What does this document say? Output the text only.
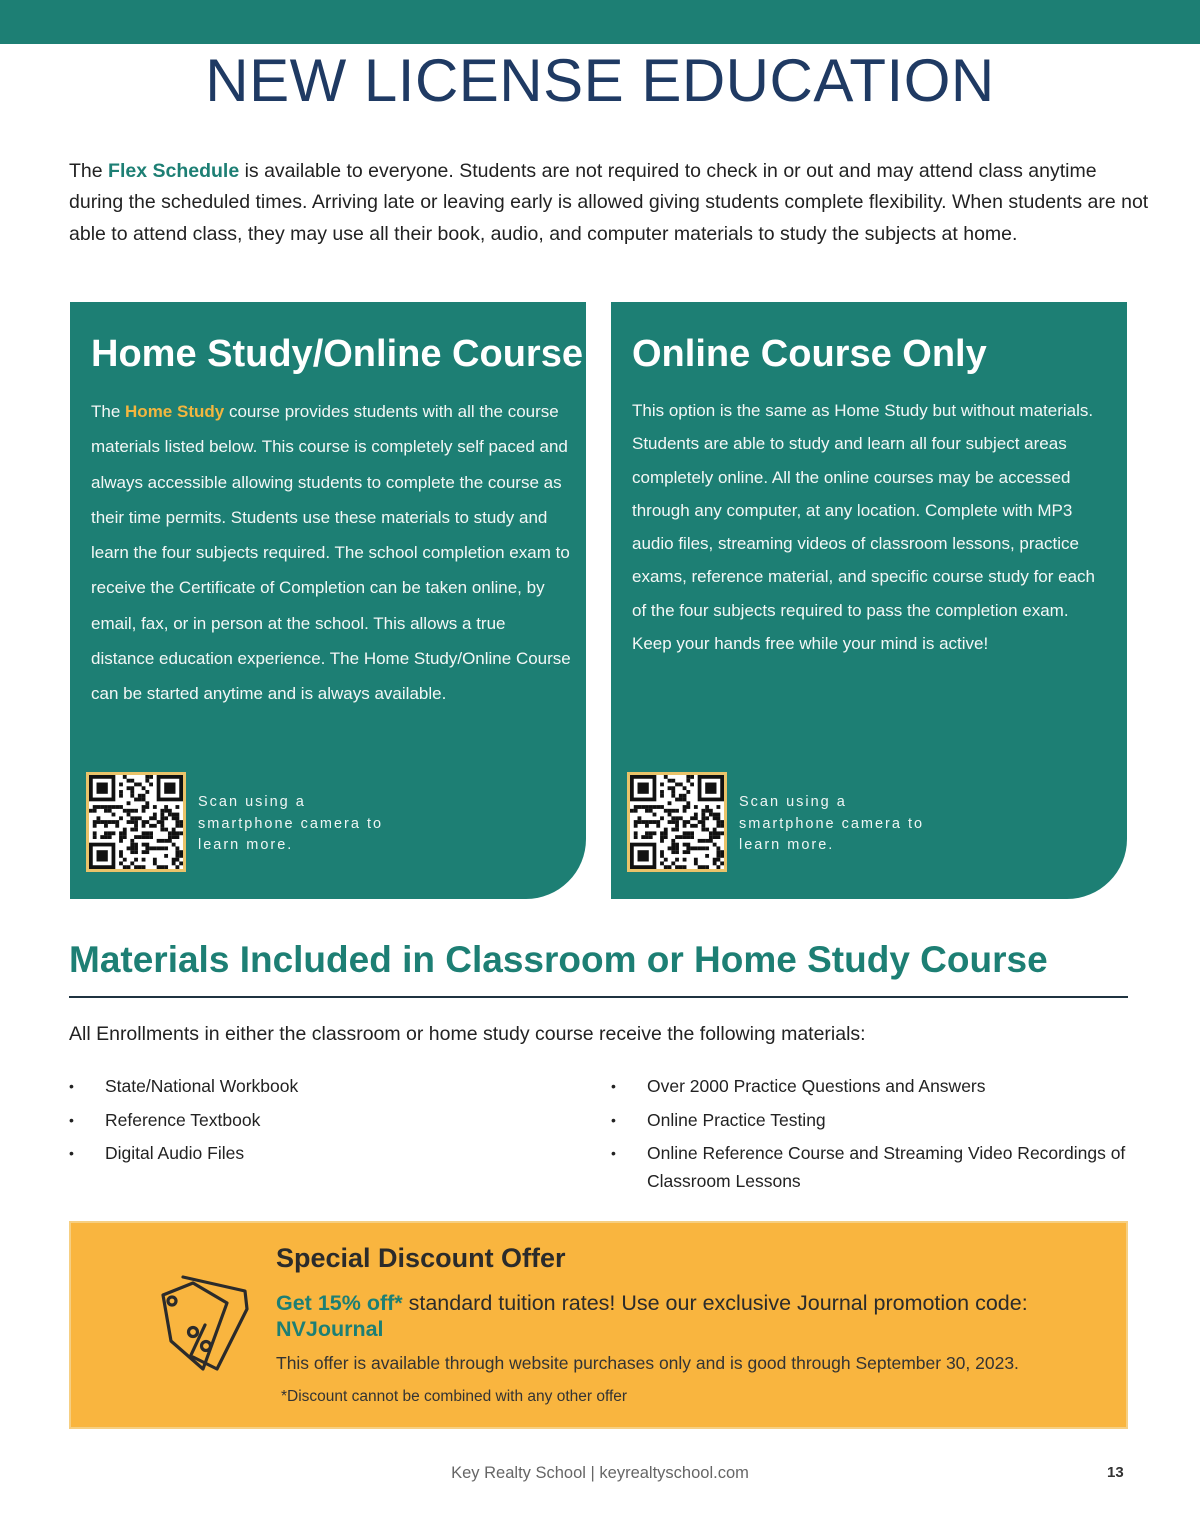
NEW LICENSE EDUCATION

The Flex Schedule is available to everyone. Students are not required to check in or out and may attend class anytime during the scheduled times. Arriving late or leaving early is allowed giving students complete flexibility. When students are not able to attend class, they may use all their book, audio, and computer materials to study the subjects at home.

Home Study/Online Course
The Home Study course provides students with all the course materials listed below. This course is completely self paced and always accessible allowing students to complete the course as their time permits. Students use these materials to study and learn the four subjects required. The school completion exam to receive the Certificate of Completion can be taken online, by email, fax, or in person at the school. This allows a true distance education experience. The Home Study/Online Course can be started anytime and is always available.
Scan using a smartphone camera to learn more.
Online Course Only
This option is the same as Home Study but without materials. Students are able to study and learn all four subject areas completely online. All the online courses may be accessed through any computer, at any location. Complete with MP3 audio files, streaming videos of classroom lessons, practice exams, reference material, and specific course study for each of the four subjects required to pass the completion exam. Keep your hands free while your mind is active!
Scan using a smartphone camera to learn more.
Materials Included in Classroom or Home Study Course
All Enrollments in either the classroom or home study course receive the following materials:
• State/National Workbook
• Reference Textbook
• Digital Audio Files
• Over 2000 Practice Questions and Answers
• Online Practice Testing
• Online Reference Course and Streaming Video Recordings of Classroom Lessons
Special Discount Offer
Get 15% off* standard tuition rates! Use our exclusive Journal promotion code: NVJournal
This offer is available through website purchases only and is good through September 30, 2023.
*Discount cannot be combined with any other offer
Key Realty School | keyrealtyschool.com	13
